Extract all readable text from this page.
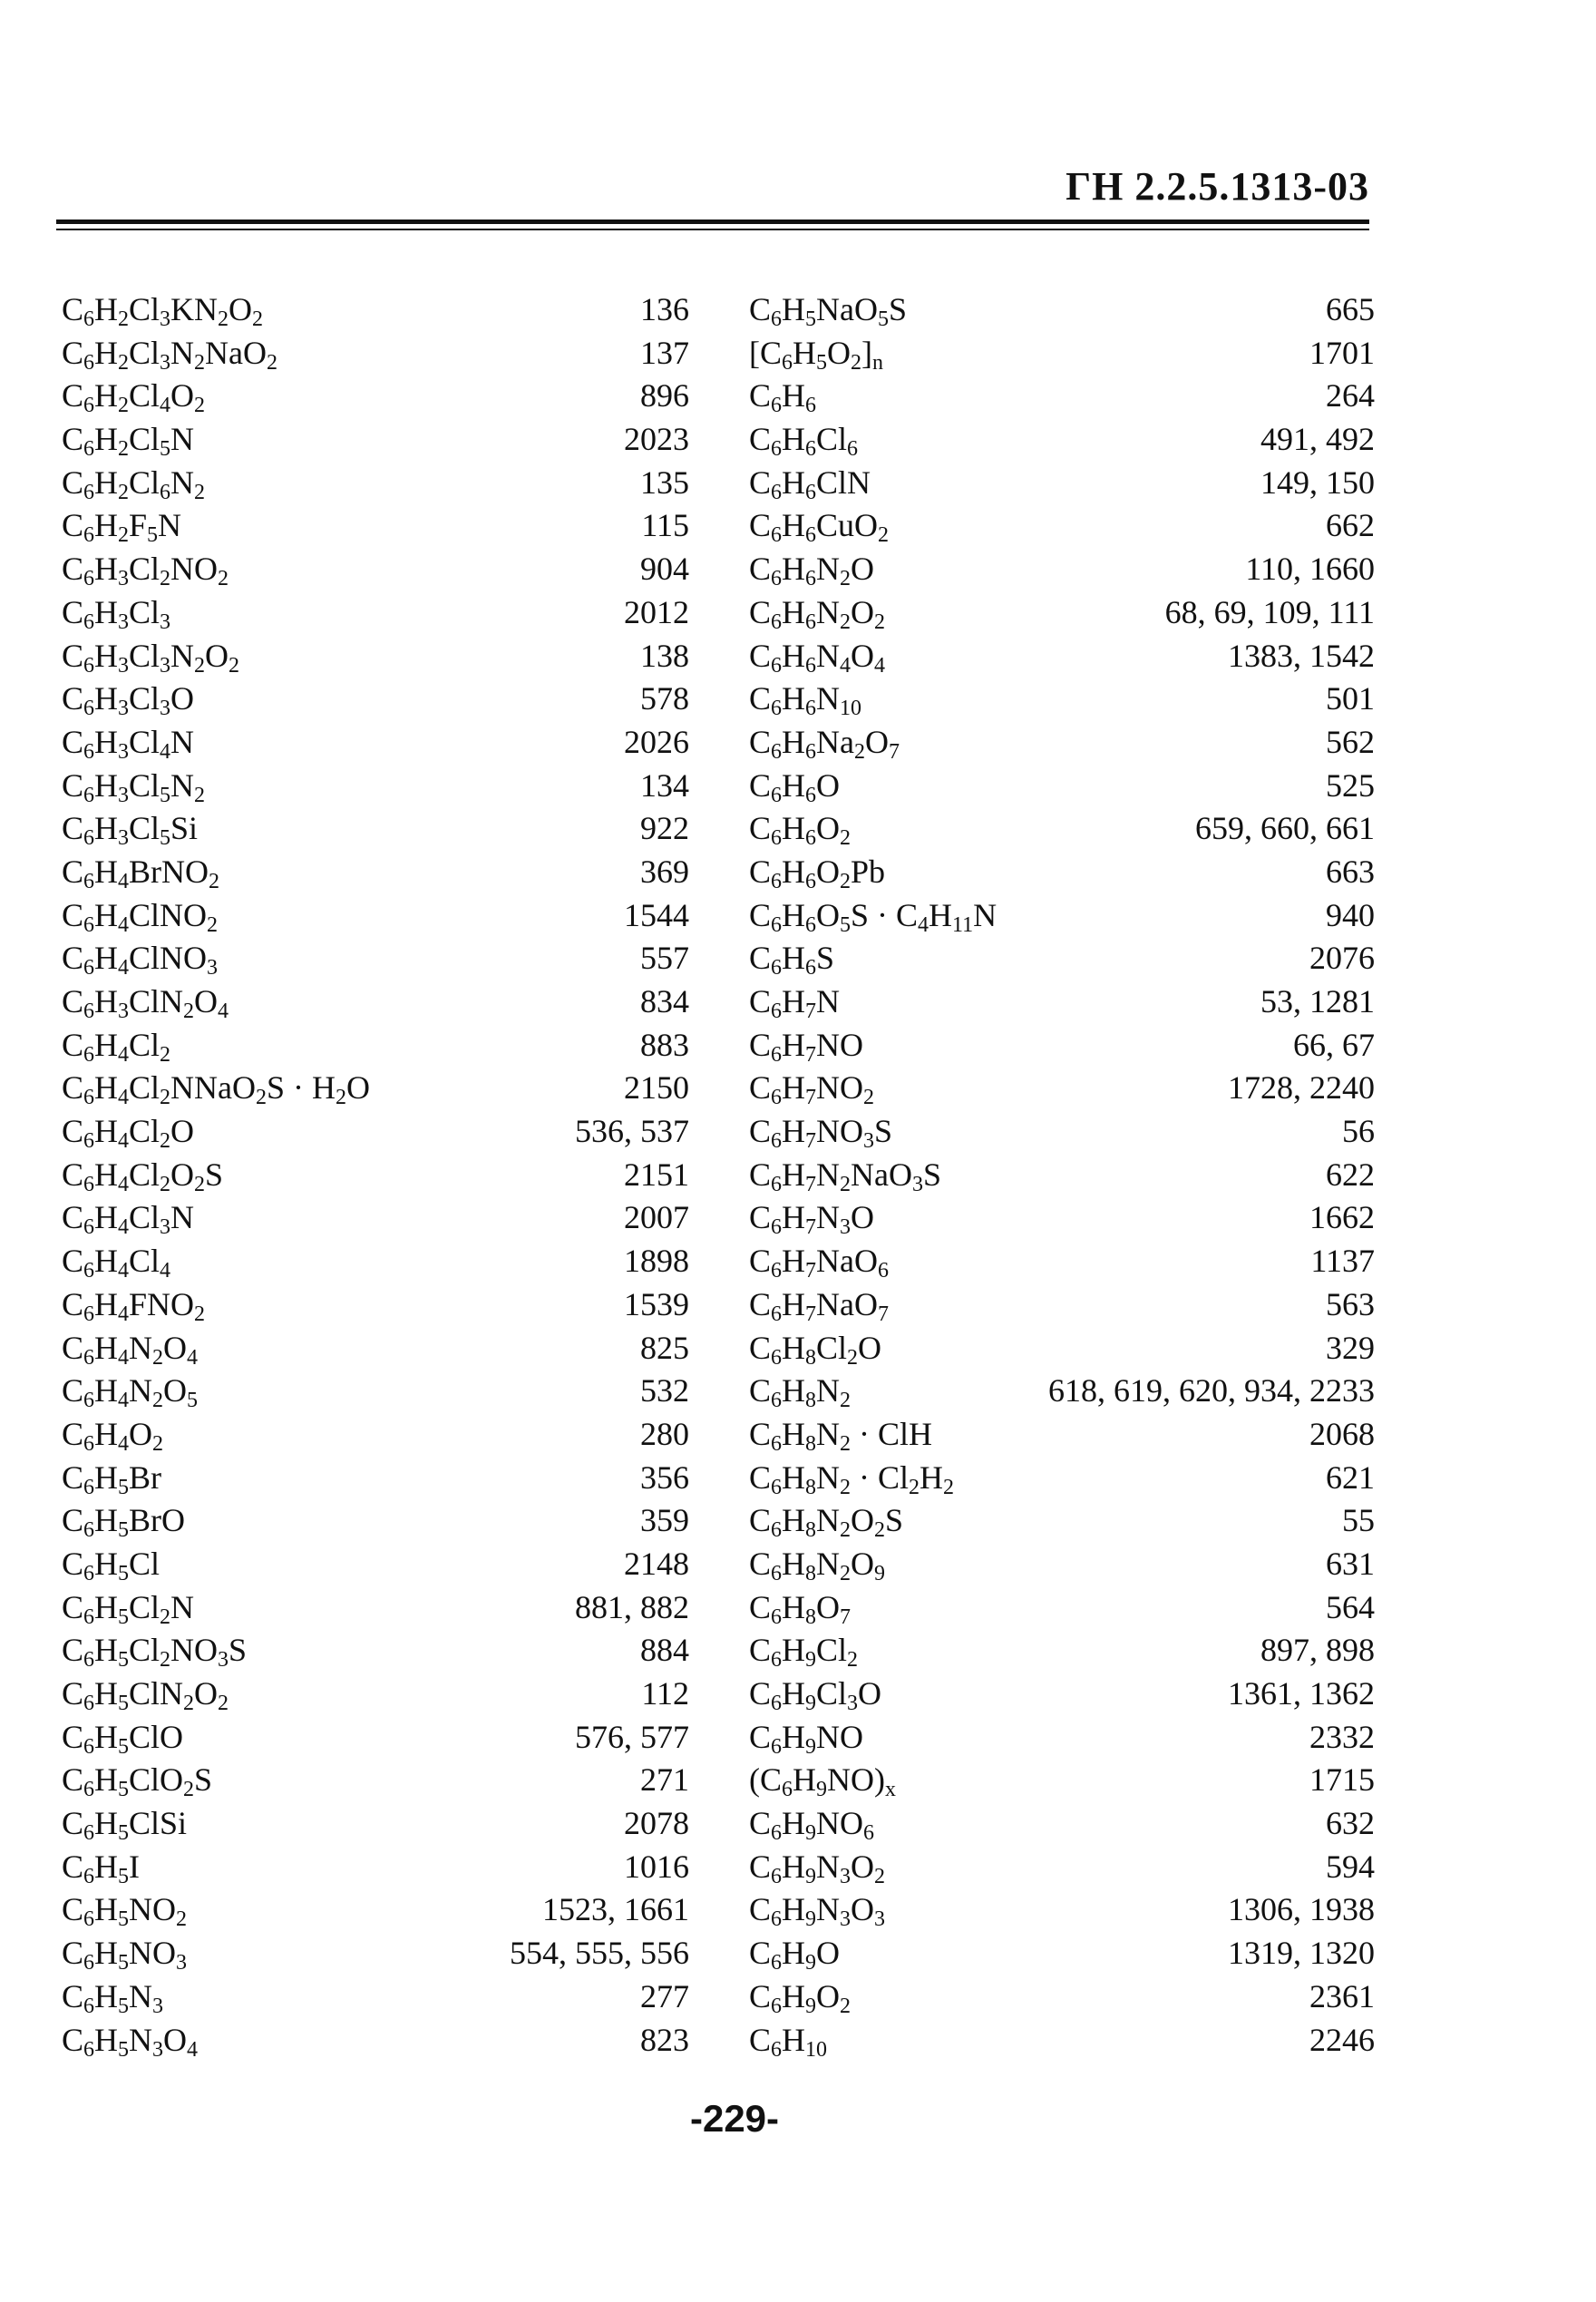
ГН 2.2.5.1313-03
$C_6H_2Cl_3KN_2O_2$	136
$C_6H_2Cl_3N_2NaO_2$	137
$C_6H_2Cl_4O_2$	896
$C_6H_2Cl_5N$	2023
$C_6H_2Cl_6N_2$	135
$C_6H_2F_5N$	115
$C_6H_3Cl_2NO_2$	904
$C_6H_3Cl_3$	2012
$C_6H_3Cl_3N_2O_2$	138
$C_6H_3Cl_3O$	578
$C_6H_3Cl_4N$	2026
$C_6H_3Cl_5N_2$	134
$C_6H_3Cl_5Si$	922
$C_6H_4BrNO_2$	369
$C_6H_4ClNO_2$	1544
$C_6H_4ClNO_3$	557
$C_6H_3ClN_2O_4$	834
$C_6H_4Cl_2$	883
$C_6H_4Cl_2NNaO_2S \cdot H_2O$	2150
$C_6H_4Cl_2O$	536, 537
$C_6H_4Cl_2O_2S$	2151
$C_6H_4Cl_3N$	2007
$C_6H_4Cl_4$	1898
$C_6H_4FNO_2$	1539
$C_6H_4N_2O_4$	825
$C_6H_4N_2O_5$	532
$C_6H_4O_2$	280
$C_6H_5Br$	356
$C_6H_5BrO$	359
$C_6H_5Cl$	2148
$C_6H_5Cl_2N$	881, 882
$C_6H_5Cl_2NO_3S$	884
$C_6H_5ClN_2O_2$	112
$C_6H_5ClO$	576, 577
$C_6H_5ClO_2S$	271
$C_6H_5ClSi$	2078
$C_6H_5I$	1016
$C_6H_5NO_2$	1523, 1661
$C_6H_5NO_3$	554, 555, 556
$C_6H_5N_3$	277
$C_6H_5N_3O_4$	823
$C_6H_5NaO_5S$	665
$[C_6H_5O_2]_n$	1701
$C_6H_6$	264
$C_6H_6Cl_6$	491, 492
$C_6H_6ClN$	149, 150
$C_6H_6CuO_2$	662
$C_6H_6N_2O$	110, 1660
$C_6H_6N_2O_2$	68, 69, 109, 111
$C_6H_6N_4O_4$	1383, 1542
$C_6H_6N_{10}$	501
$C_6H_6Na_2O_7$	562
$C_6H_6O$	525
$C_6H_6O_2$	659, 660, 661
$C_6H_6O_2Pb$	663
$C_6H_6O_5S \cdot C_4H_{11}N$	940
$C_6H_6S$	2076
$C_6H_7N$	53, 1281
$C_6H_7NO$	66, 67
$C_6H_7NO_2$	1728, 2240
$C_6H_7NO_3S$	56
$C_6H_7N_2NaO_3S$	622
$C_6H_7N_3O$	1662
$C_6H_7NaO_6$	1137
$C_6H_7NaO_7$	563
$C_6H_8Cl_2O$	329
$C_6H_8N_2$	618, 619, 620, 934, 2233
$C_6H_8N_2$ · ClH	2068
$C_6H_8N_2 \cdot Cl_2H_2$	621
$C_6H_8N_2O_2S$	55
$C_6H_8N_2O_9$	631
$C_6H_8O_7$	564
$C_6H_9Cl_2$	897, 898
$C_6H_9Cl_3O$	1361, 1362
$C_6H_9NO$	2332
$(C_6H_9NO)_x$	1715
$C_6H_9NO_6$	632
$C_6H_9N_3O_2$	594
$C_6H_9N_3O_3$	1306, 1938
$C_6H_9O$	1319, 1320
$C_6H_9O_2$	2361
$C_6H_{10}$	2246
-229-
